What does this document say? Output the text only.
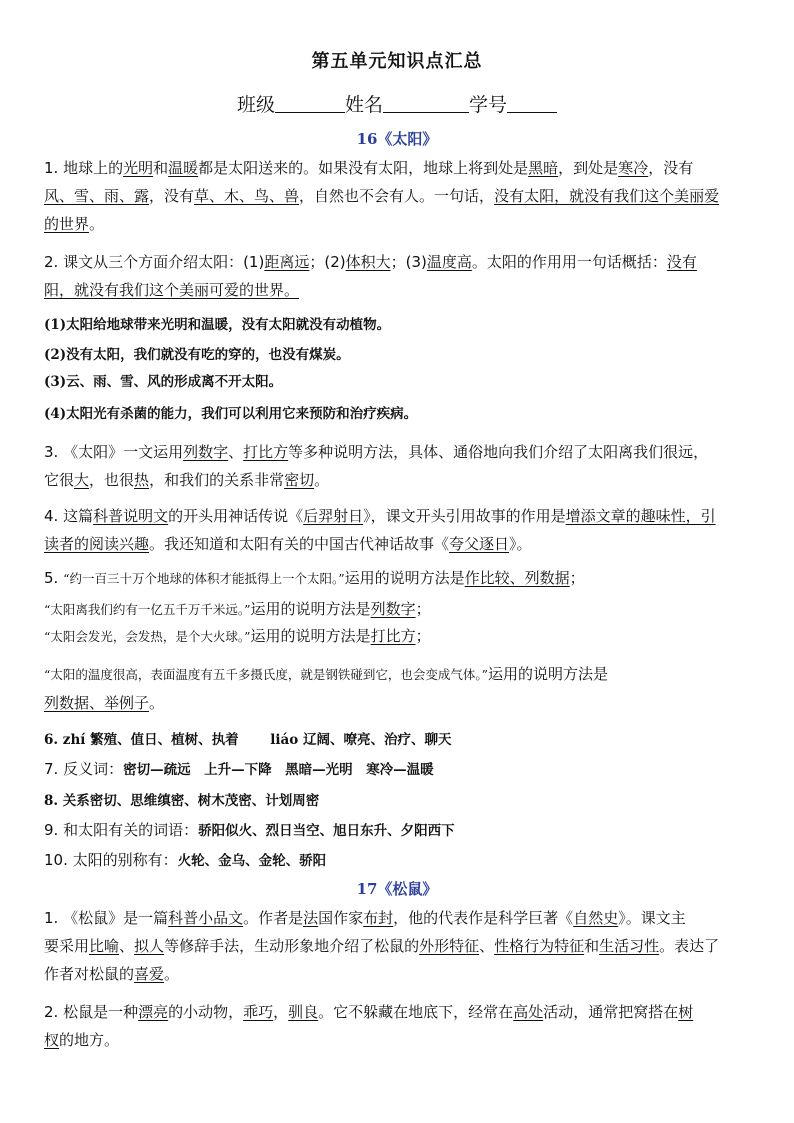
第五单元知识点汇总
班级	姓名	学号
16《太阳》
1. 地球上的光明和温暖都是太阳送来的。如果没有太阳，地球上将到处是黑暗，到处是寒冷，没有
风、雪、雨、露，没有草、木、鸟、兽，自然也不会有人。一句话，没有太阳，就没有我们这个美丽爱
的世界。
2. 课文从三个方面介绍太阳：(1)距离远；(2)体积大；(3)温度高。太阳的作用用一句话概括：没有
阳，就没有我们这个美丽可爱的世界。
(1)太阳给地球带来光明和温暖，没有太阳就没有动植物。
(2)没有太阳，我们就没有吃的穿的，也没有煤炭。
(3)云、雨、雪、风的形成离不开太阳。
(4)太阳光有杀菌的能力，我们可以利用它来预防和治疗疾病。
3. 《太阳》一文运用列数字、打比方等多种说明方法，具体、通俗地向我们介绍了太阳离我们很远，
它很大，也很热，和我们的关系非常密切。
4. 这篇科普说明文的开头用神话传说《后羿射日》，课文开头引用故事的作用是增添文章的趣味性，引
读者的阅读兴趣。我还知道和太阳有关的中国古代神话故事《夸父逐日》。
5. “约一百三十万个地球的体积才能抵得上一个太阳。”运用的说明方法是作比较、列数据；
“太阳离我们约有一亿五千万千米远。”运用的说明方法是列数字；
“太阳会发光，会发热，是个大火球。”运用的说明方法是打比方；
“太阳的温度很高，表面温度有五千多摄氏度，就是钢铁碰到它，也会变成气体。”运用的说明方法是
列数据、举例子。
6. zhí 繁殖、值日、植树、执着　　 liáo 辽阔、嘹亮、治疗、聊天
7. 反义词：密切—疏远　上升—下降　黑暗—光明　寒冷—温暖
8. 关系密切、思维缜密、树木茂密、计划周密
9. 和太阳有关的词语：骄阳似火、烈日当空、旭日东升、夕阳西下
10. 太阳的别称有：火轮、金乌、金轮、骄阳
17《松鼠》
1. 《松鼠》是一篇科普小品文。作者是法国作家布封，他的代表作是科学巨著《自然史》。课文主
要采用比喻、拟人等修辞手法，生动形象地介绍了松鼠的外形特征、性格行为特征和生活习性。表达了
作者对松鼠的喜爱。
2. 松鼠是一种漂亮的小动物，乖巧，驯良。它不躲藏在地底下，经常在高处活动，通常把窝搭在树
杈的地方。
